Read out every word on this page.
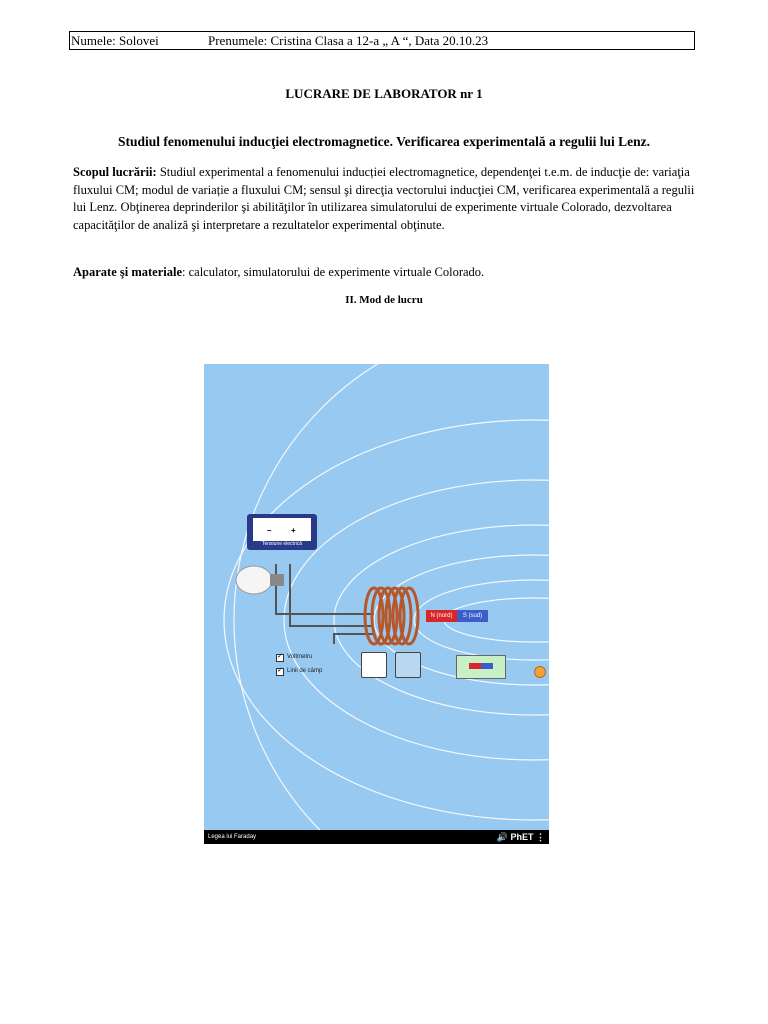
Numele: Solovei	Prenumele: Cristina Clasa a 12-a „ A “, Data 20.10.23
LUCRARE DE LABORATOR nr 1
Studiul fenomenului inducţiei electromagnetice. Verificarea experimentală a regulii lui Lenz.
Scopul lucrării: Studiul experimental a fenomenului inducției electromagnetice, dependenţei t.e.m. de inducţie de: variaţia fluxului CM; modul de variație a fluxului CM; sensul şi direcţia vectorului inducţiei CM, verificarea experimentală a regulii lui Lenz. Obţinerea deprinderilor şi abilităţilor în utilizarea simulatorului de experimente virtuale Colorado, dezvoltarea capacităţilor de analiză şi interpretare a rezultatelor experimental obţinute.
Aparate şi materiale: calculator, simulatorului de experimente virtuale Colorado.
II. Mod de lucru
– +
Tensiune electrică
N (nord)	S (sud)
✓
Voltmetru
✓
Linii de câmp
Legea lui Faraday	🔊 PhET ⋮
